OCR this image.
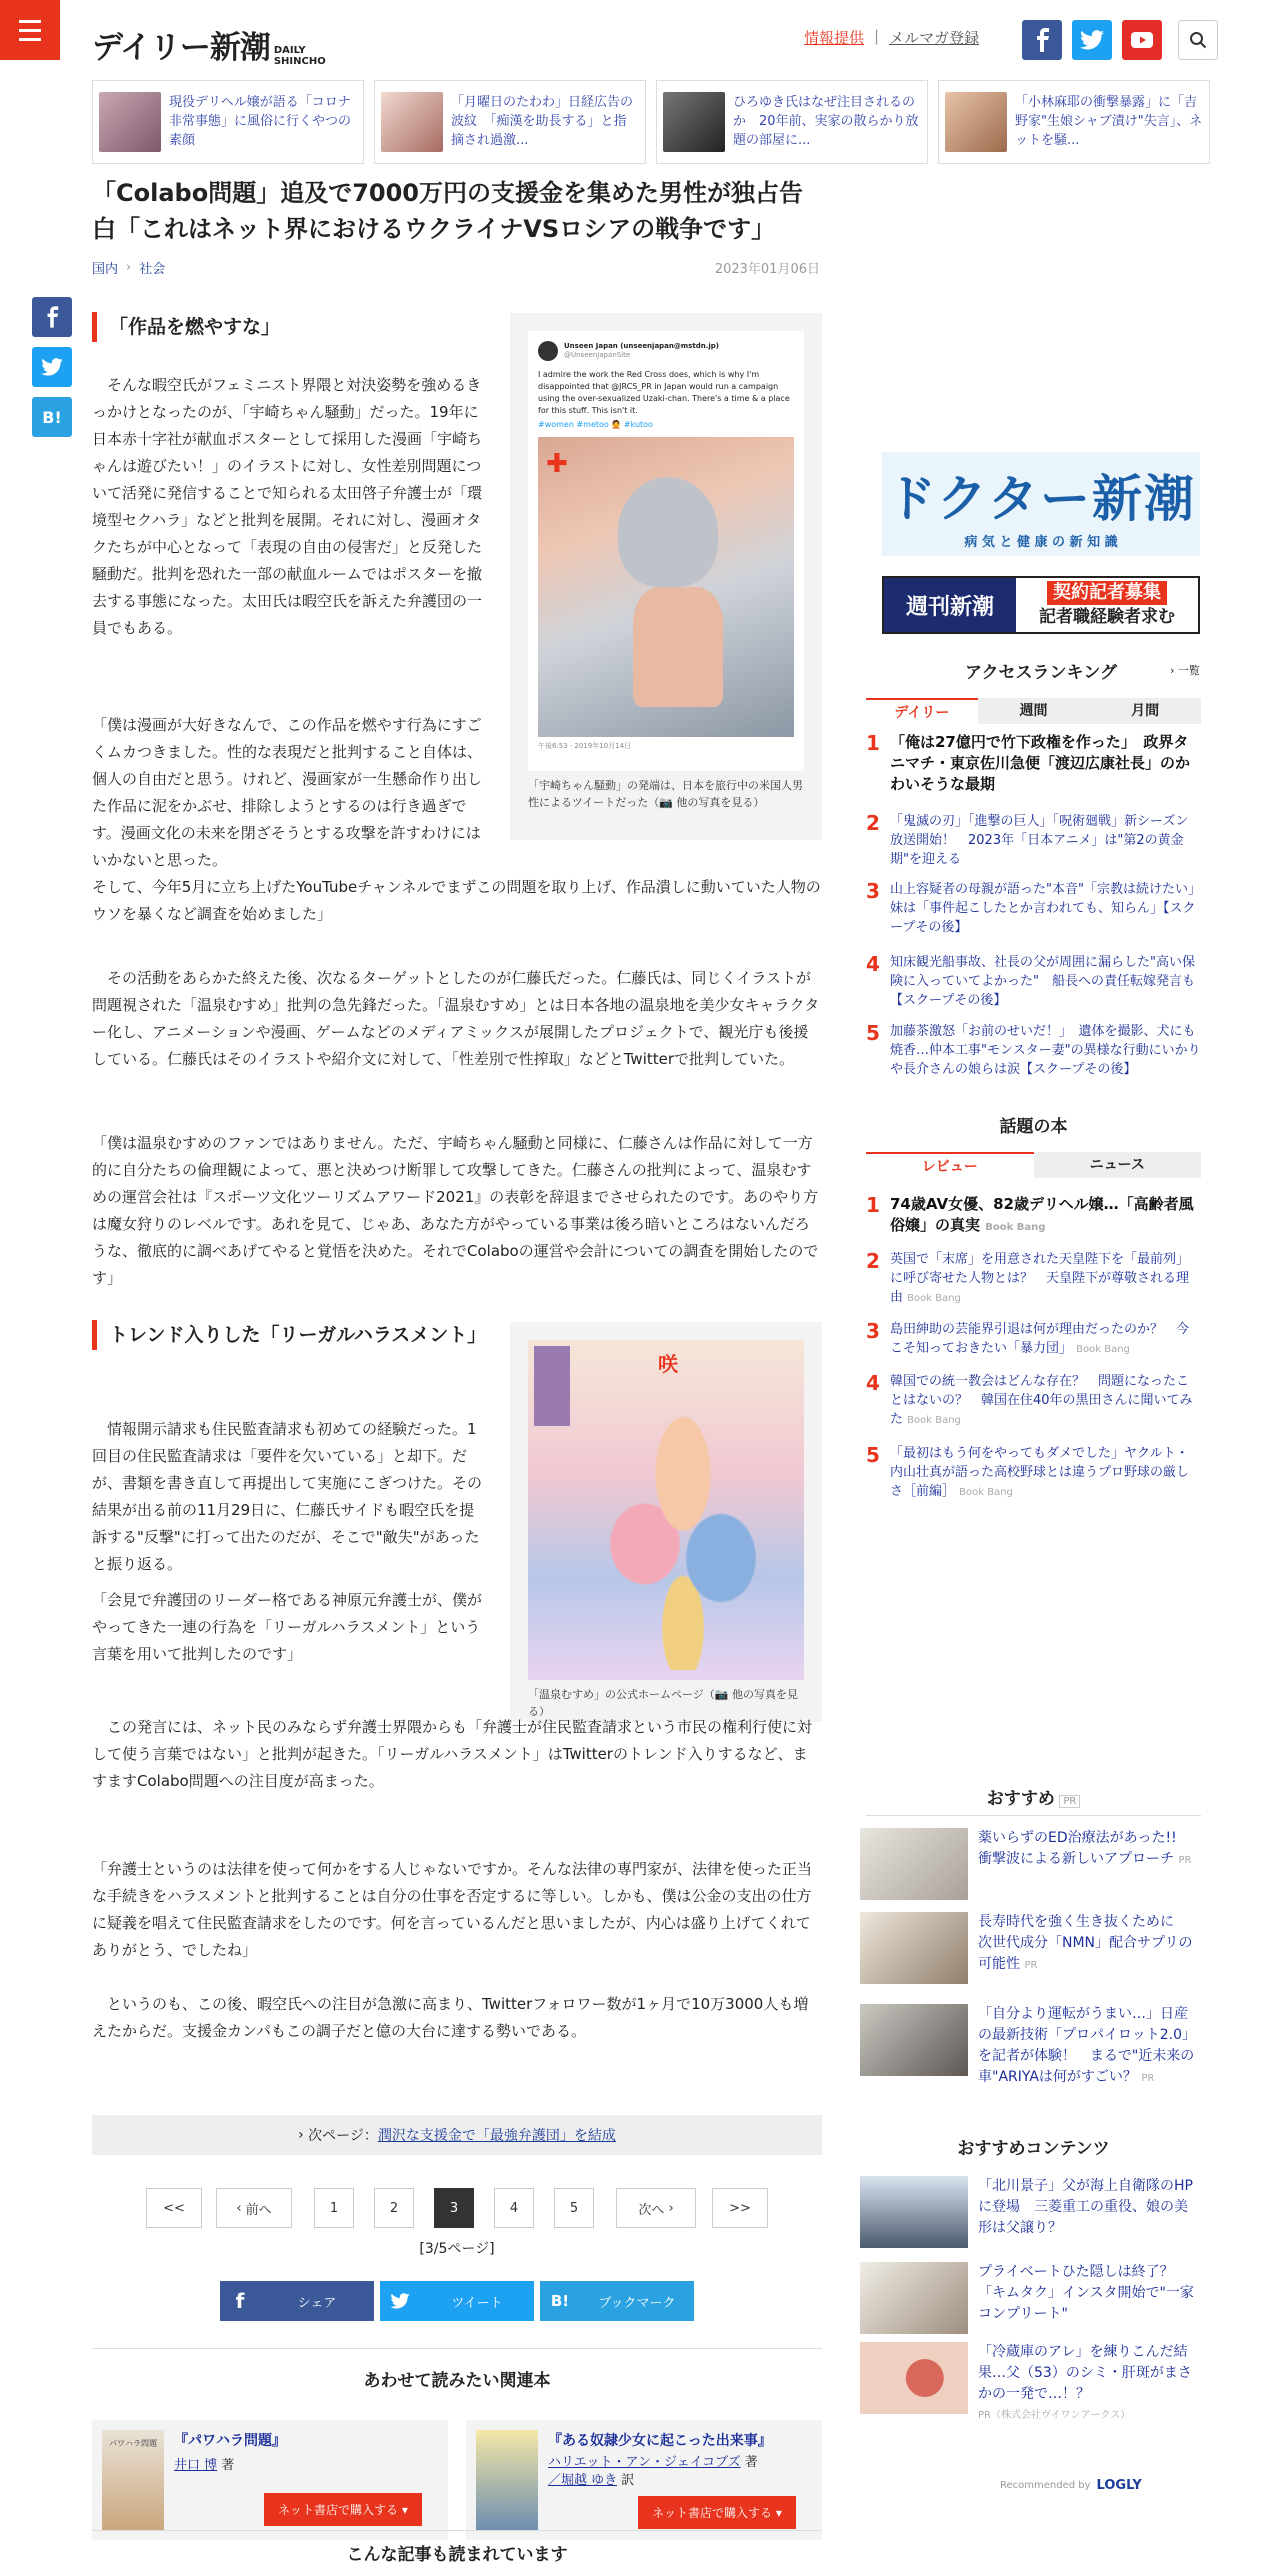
デイリー新潮 DAILY
SHINCHO
情報提供 | メルマガ登録
現役デリヘル嬢が語る「コロナ非常事態」に風俗に行くやつの素顔
「月曜日のたわわ」日経広告の波紋　「痴漢を助長する」と指摘され過激...
ひろゆき氏はなぜ注目されるのか　20年前、実家の散らかり放題の部屋に...
「小林麻耶の衝撃暴露」に「吉野家"生娘シャブ漬け"失言」、ネットを騒...
「Colabo問題」追及で7000万円の支援金を集めた男性が独占告白「これはネット界におけるウクライナVSロシアの戦争です」
国内 › 社会	2023年01月06日
B!
「作品を燃やすな」

そんな暇空氏がフェミニスト界隈と対決姿勢を強めるきっかけとなったのが、「宇崎ちゃん騒動」だった。19年に日本赤十字社が献血ポスターとして採用した漫画「宇崎ちゃんは遊びたい！」のイラストに対し、女性差別問題について活発に発信することで知られる太田啓子弁護士が「環境型セクハラ」などと批判を展開。それに対し、漫画オタクたちが中心となって「表現の自由の侵害だ」と反発した騒動だ。批判を恐れた一部の献血ルームではポスターを撤去する事態になった。太田氏は暇空氏を訴えた弁護団の一員でもある。

「僕は漫画が大好きなんで、この作品を燃やす行為にすごくムカつきました。性的な表現だと批判すること自体は、個人の自由だと思う。けれど、漫画家が一生懸命作り出した作品に泥をかぶせ、排除しようとするのは行き過ぎです。漫画文化の未来を閉ざそうとする攻撃を許すわけにはいかないと思った。

Unseen Japan (unseenjapan@mstdn.jp)
@UnseenJapanSite
I admire the work the Red Cross does, which is why I'm disappointed that @JRCS_PR in Japan would run a campaign using the over-sexualized Uzaki-chan. There's a time & a place for this stuff. This isn't it.
#women #metoo 🙅 #kutoo
✚
午後6:53 · 2019年10月14日
「宇崎ちゃん騒動」の発端は、日本を旅行中の米国人男性によるツイートだった（📷 他の写真を見る）

そして、今年5月に立ち上げたYouTubeチャンネルでまずこの問題を取り上げ、作品潰しに動いていた人物のウソを暴くなど調査を始めました」

その活動をあらかた終えた後、次なるターゲットとしたのが仁藤氏だった。仁藤氏は、同じくイラストが問題視された「温泉むすめ」批判の急先鋒だった。「温泉むすめ」とは日本各地の温泉地を美少女キャラクター化し、アニメーションや漫画、ゲームなどのメディアミックスが展開したプロジェクトで、観光庁も後援している。仁藤氏はそのイラストや紹介文に対して、「性差別で性搾取」などとTwitterで批判していた。

「僕は温泉むすめのファンではありません。ただ、宇崎ちゃん騒動と同様に、仁藤さんは作品に対して一方的に自分たちの倫理観によって、悪と決めつけ断罪して攻撃してきた。仁藤さんの批判によって、温泉むすめの運営会社は『スポーツ文化ツーリズムアワード2021』の表彰を辞退までさせられたのです。あのやり方は魔女狩りのレベルです。あれを見て、じゃあ、あなた方がやっている事業は後ろ暗いところはないんだろうな、徹底的に調べあげてやると覚悟を決めた。それでColaboの運営や会計についての調査を開始したのです」

トレンド入りした「リーガルハラスメント」

情報開示請求も住民監査請求も初めての経験だった。1回目の住民監査請求は「要件を欠いている」と却下。だが、書類を書き直して再提出して実施にこぎつけた。その結果が出る前の11月29日に、仁藤氏サイドも暇空氏を提訴する"反撃"に打って出たのだが、そこで"敵失"があったと振り返る。

「会見で弁護団のリーダー格である神原元弁護士が、僕がやってきた一連の行為を「リーガルハラスメント」という言葉を用いて批判したのです」

咲
「温泉むすめ」の公式ホームページ（📷 他の写真を見る）

この発言には、ネット民のみならず弁護士界隈からも「弁護士が住民監査請求という市民の権利行使に対して使う言葉ではない」と批判が起きた。「リーガルハラスメント」はTwitterのトレンド入りするなど、ますますColabo問題への注目度が高まった。

「弁護士というのは法律を使って何かをする人じゃないですか。そんな法律の専門家が、法律を使った正当な手続きをハラスメントと批判することは自分の仕事を否定するに等しい。しかも、僕は公金の支出の仕方に疑義を唱えて住民監査請求をしたのです。何を言っているんだと思いましたが、内心は盛り上げてくれてありがとう、でしたね」

というのも、この後、暇空氏への注目が急激に高まり、Twitterフォロワー数が1ヶ月で10万3000人も増えたからだ。支援金カンパもこの調子だと億の大台に達する勢いである。

› 次ページ： 潤沢な支援金で「最強弁護団」を結成
<<	‹ 前へ	1	2	3	4	5	次へ ›	>>
[3/5ページ]
f	シェア	ツイート	B!	ブックマーク
あわせて読みたい関連本
パワハラ問題	『パワハラ問題』
井口 博 著
ネット書店で購入する ▾
『ある奴隷少女に起こった出来事』
ハリエット・アン・ジェイコブズ 著
／堀越 ゆき 訳
ネット書店で購入する ▾
こんな記事も読まれています
ドクター新潮
病 気 と 健 康 の 新 知 識
週刊新潮
契約記者募集
記者職経験者求む
アクセスランキング	› 一覧
デイリー	週間	月間
1 「俺は27億円で竹下政権を作った」　政界タニマチ・東京佐川急便「渡辺広康社長」のかわいそうな最期
2 「鬼滅の刃」「進撃の巨人」「呪術廻戦」新シーズン放送開始！　2023年「日本アニメ」は"第2の黄金期"を迎える
3 山上容疑者の母親が語った"本音"「宗教は続けたい」　妹は「事件起こしたとか言われても、知らん」【スクープその後】
4 知床観光船事故、社長の父が周囲に漏らした"高い保険に入っていてよかった"　船長への責任転嫁発言も【スクープその後】
5 加藤茶激怒「お前のせいだ！」　遺体を撮影、犬にも焼香…仲本工事"モンスター妻"の異様な行動にいかりや長介さんの娘らは涙【スクープその後】
話題の本
レビュー	ニュース
1 74歳AV女優、82歳デリヘル嬢…「高齢者風俗嬢」の真実 Book Bang
2 英国で「末席」を用意された天皇陛下を「最前列」に呼び寄せた人物とは？　天皇陛下が尊敬される理由 Book Bang
3 島田紳助の芸能界引退は何が理由だったのか？　今こそ知っておきたい「暴力団」 Book Bang
4 韓国での統一教会はどんな存在？　問題になったことはないの？　韓国在住40年の黒田さんに聞いてみた Book Bang
5 「最初はもう何をやってもダメでした」ヤクルト・内山壮真が語った高校野球とは違うプロ野球の厳しさ［前編］ Book Bang
おすすめ PR
薬いらずのED治療法があった!!　衝撃波による新しいアプローチ PR
長寿時代を強く生き抜くために　次世代成分「NMN」配合サプリの可能性 PR
「自分より運転がうまい…」日産の最新技術「プロパイロット2.0」を記者が体験！　まるで"近未来の車"ARIYAは何がすごい？ PR
おすすめコンテンツ
「北川景子」父が海上自衛隊のHPに登場　三菱重工の重役、娘の美形は父譲り？
プライベートひた隠しは終了？「キムタク」インスタ開始で"一家コンプリート"
「冷蔵庫のアレ」を練りこんだ結果…父（53）のシミ・肝斑がまさかの一発で…！？
PR（株式会社ヴイワンアークス）
Recommended by LOGLY
